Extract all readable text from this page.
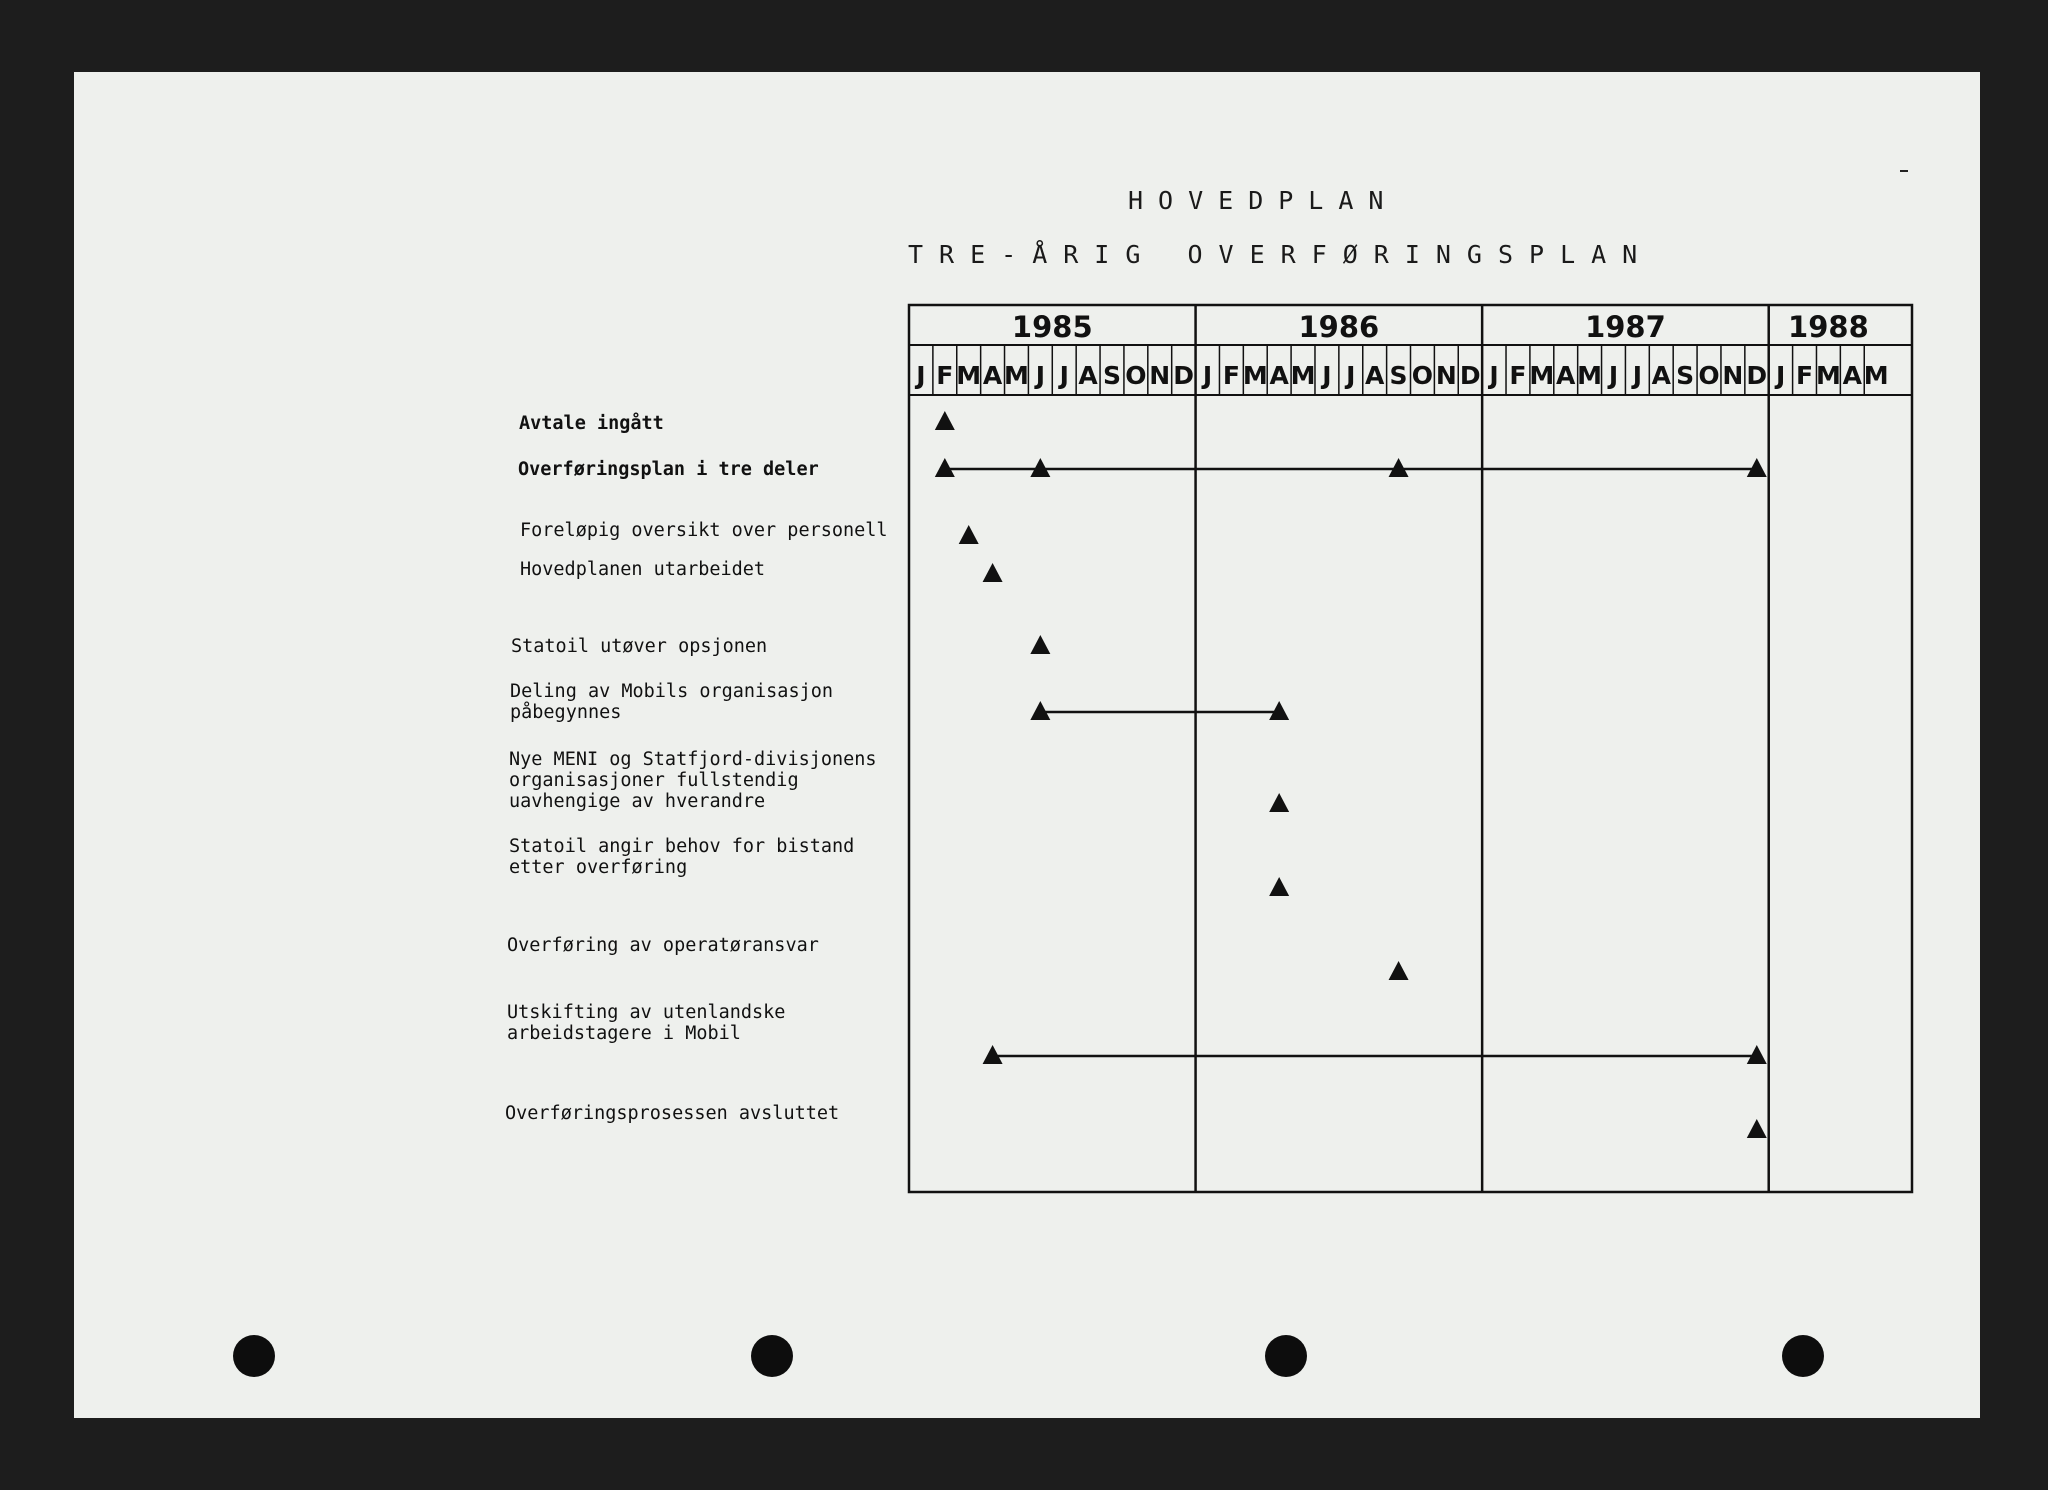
HOVEDPLAN
TRE-ÅRIG OVERFØRINGSPLAN
Avtale ingått
Overføringsplan i tre deler
Foreløpig oversikt over personell
Hovedplanen utarbeidet
Statoil utøver opsjonen
Deling av Mobils organisasjon
påbegynnes
Nye MENI og Statfjord-divisjonens
organisasjoner fullstendig
uavhengige av hverandre
Statoil angir behov for bistand
etter overføring
Overføring av operatøransvar
Utskifting av utenlandske
arbeidstagere i Mobil
Overføringsprosessen avsluttet
1985
J F M A M J J A S O N D
1986
J F M A M J J A S O N D
1987
J F M A M J J A S O N D
1988
J F M A M
